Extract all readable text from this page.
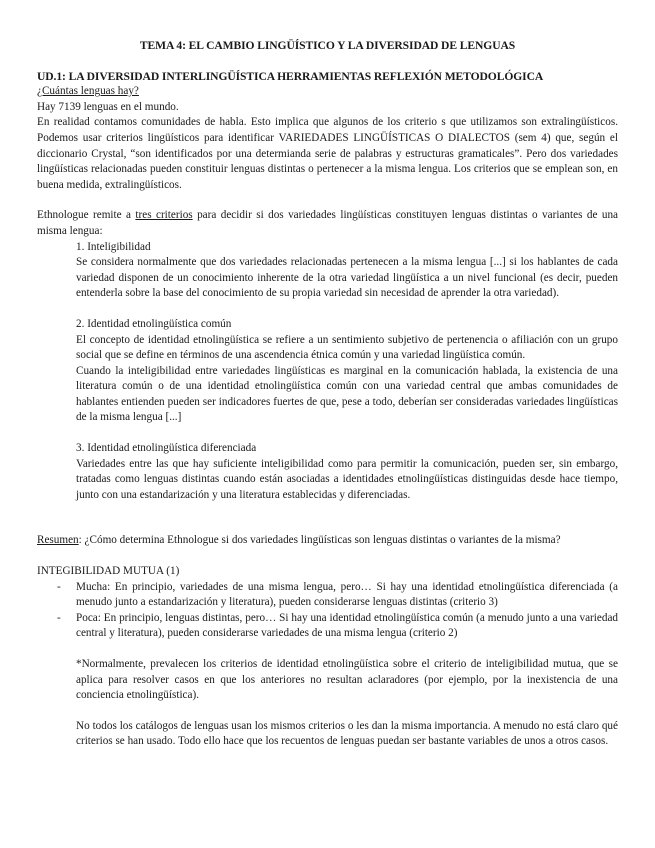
TEMA 4: EL CAMBIO LINGÜÍSTICO Y LA DIVERSIDAD DE LENGUAS
UD.1: LA DIVERSIDAD INTERLINGÜÍSTICA HERRAMIENTAS REFLEXIÓN METODOLÓGICA

¿Cuántas lenguas hay?

Hay 7139 lenguas en el mundo.

En realidad contamos comunidades de habla. Esto implica que algunos de los criterio s que utilizamos son extralingüísticos. Podemos usar criterios lingüísticos para identificar VARIEDADES LINGÜÍSTICAS O DIALECTOS (sem 4) que, según el diccionario Crystal, “son identificados por una determianda serie de palabras y estructuras gramaticales”. Pero dos variedades lingüísticas relacionadas pueden constituir lenguas distintas o pertenecer a la misma lengua. Los criterios que se emplean son, en buena medida, extralingüísticos.

Ethnologue remite a tres criterios para decidir si dos variedades lingüísticas constituyen lenguas distintas o variantes de una misma lengua:

1. Inteligibilidad

Se considera normalmente que dos variedades relacionadas pertenecen a la misma lengua [...] si los hablantes de cada variedad disponen de un conocimiento inherente de la otra variedad lingüística a un nivel funcional (es decir, pueden entenderla sobre la base del conocimiento de su propia variedad sin necesidad de aprender la otra variedad).

2. Identidad etnolingüística común

El concepto de identidad etnolingüística se refiere a un sentimiento subjetivo de pertenencia o afiliación con un grupo social que se define en términos de una ascendencia étnica común y una variedad lingüística común.

Cuando la inteligibilidad entre variedades lingüísticas es marginal en la comunicación hablada, la existencia de una literatura común o de una identidad etnolingüística común con una variedad central que ambas comunidades de hablantes entienden pueden ser indicadores fuertes de que, pese a todo, deberían ser consideradas variedades lingüísticas de la misma lengua [...]

3. Identidad etnolingüística diferenciada

Variedades entre las que hay suficiente inteligibilidad como para permitir la comunicación, pueden ser, sin embargo, tratadas como lenguas distintas cuando están asociadas a identidades etnolingüísticas distinguidas desde hace tiempo, junto con una estandarización y una literatura establecidas y diferenciadas.

Resumen: ¿Cómo determina Ethnologue si dos variedades lingüísticas son lenguas distintas o variantes de la misma?

INTEGIBILIDAD MUTUA (1)
-	Mucha: En principio, variedades de una misma lengua, pero… Si hay una identidad etnolingüística diferenciada (a menudo junto a estandarización y literatura), pueden considerarse lenguas distintas (criterio 3)
-	Poca: En principio, lenguas distintas, pero… Si hay una identidad etnolingüística común (a menudo junto a una variedad central y literatura), pueden considerarse variedades de una misma lengua (criterio 2)

*Normalmente, prevalecen los criterios de identidad etnolingüística sobre el criterio de inteligibilidad mutua, que se aplica para resolver casos en que los anteriores no resultan aclaradores (por ejemplo, por la inexistencia de una conciencia etnolingüística).

No todos los catálogos de lenguas usan los mismos criterios o les dan la misma importancia. A menudo no está claro qué criterios se han usado. Todo ello hace que los recuentos de lenguas puedan ser bastante variables de unos a otros casos.
